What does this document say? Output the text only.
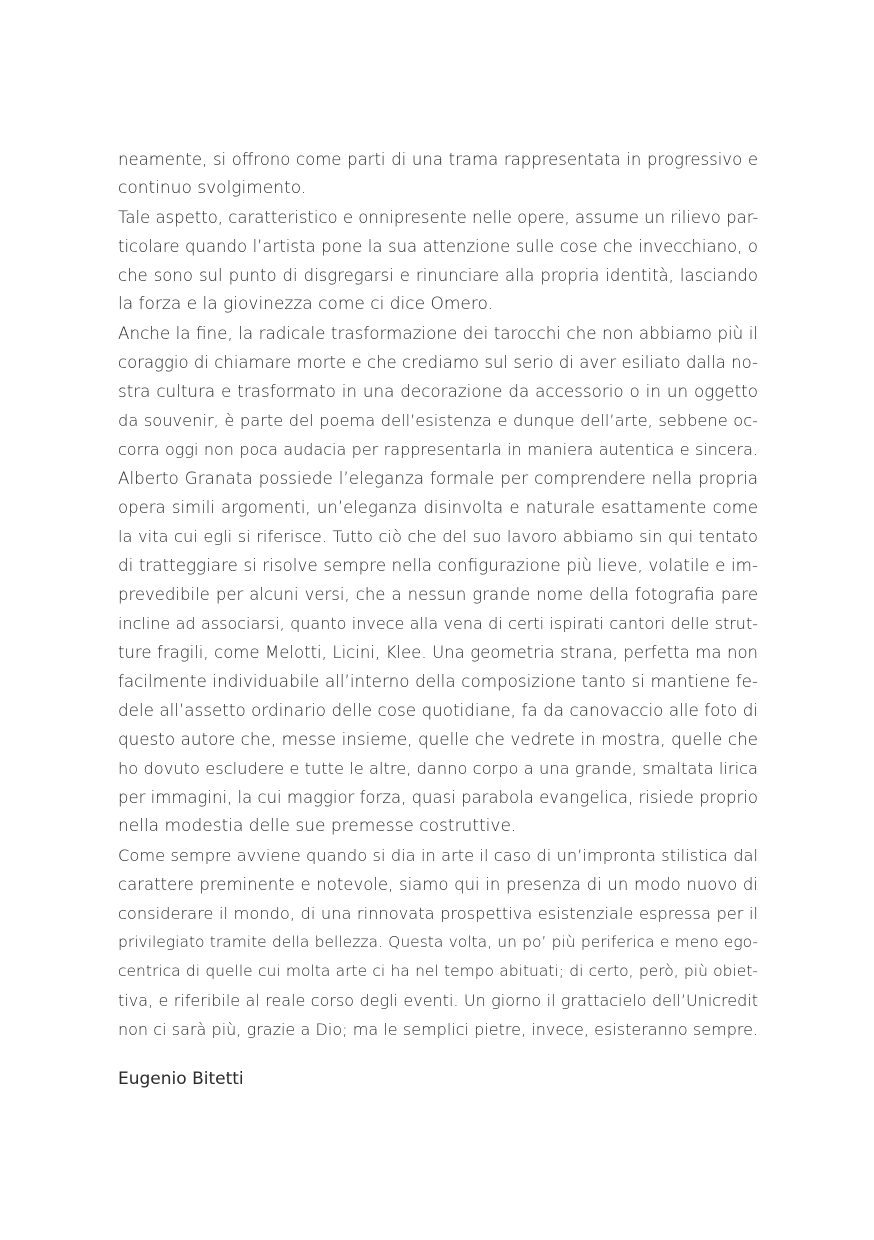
neamente, si offrono come parti di una trama rappresentata in progressivo e
continuo svolgimento.
Tale aspetto, caratteristico e onnipresente nelle opere, assume un rilievo par-
ticolare quando l’artista pone la sua attenzione sulle cose che invecchiano, o
che sono sul punto di disgregarsi e rinunciare alla propria identità, lasciando
la forza e la giovinezza come ci dice Omero.
Anche la fine, la radicale trasformazione dei tarocchi che non abbiamo più il
coraggio di chiamare morte e che crediamo sul serio di aver esiliato dalla no-
stra cultura e trasformato in una decorazione da accessorio o in un oggetto
da souvenir, è parte del poema dell’esistenza e dunque dell’arte, sebbene oc-
corra oggi non poca audacia per rappresentarla in maniera autentica e sincera.
Alberto Granata possiede l’eleganza formale per comprendere nella propria
opera simili argomenti, un’eleganza disinvolta e naturale esattamente come
la vita cui egli si riferisce. Tutto ciò che del suo lavoro abbiamo sin qui tentato
di tratteggiare si risolve sempre nella configurazione più lieve, volatile e im-
prevedibile per alcuni versi, che a nessun grande nome della fotografia pare
incline ad associarsi, quanto invece alla vena di certi ispirati cantori delle strut-
ture fragili, come Melotti, Licini, Klee. Una geometria strana, perfetta ma non
facilmente individuabile all’interno della composizione tanto si mantiene fe-
dele all’assetto ordinario delle cose quotidiane, fa da canovaccio alle foto di
questo autore che, messe insieme, quelle che vedrete in mostra, quelle che
ho dovuto escludere e tutte le altre, danno corpo a una grande, smaltata lirica
per immagini, la cui maggior forza, quasi parabola evangelica, risiede proprio
nella modestia delle sue premesse costruttive.
Come sempre avviene quando si dia in arte il caso di un’impronta stilistica dal
carattere preminente e notevole, siamo qui in presenza di un modo nuovo di
considerare il mondo, di una rinnovata prospettiva esistenziale espressa per il
privilegiato tramite della bellezza. Questa volta, un po’ più periferica e meno ego-
centrica di quelle cui molta arte ci ha nel tempo abituati; di certo, però, più obiet-
tiva, e riferibile al reale corso degli eventi. Un giorno il grattacielo dell’Unicredit
non ci sarà più, grazie a Dio; ma le semplici pietre, invece, esisteranno sempre.
Eugenio Bitetti
